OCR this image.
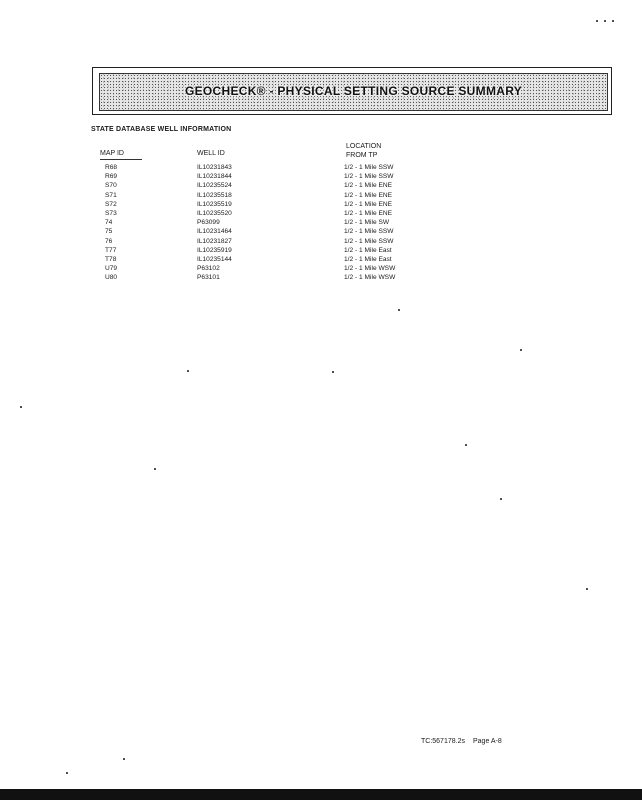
GEOCHECK® - PHYSICAL SETTING SOURCE SUMMARY
STATE DATABASE WELL INFORMATION
MAP ID	WELL ID
LOCATION
FROM TP
R68	IL10231843	1/2 - 1 Mile SSW
R69	IL10231844	1/2 - 1 Mile SSW
S70	IL10235524	1/2 - 1 Mile ENE
S71	IL10235518	1/2 - 1 Mile ENE
S72	IL10235519	1/2 - 1 Mile ENE
S73	IL10235520	1/2 - 1 Mile ENE
74	P63099	1/2 - 1 Mile SW
75	IL10231464	1/2 - 1 Mile SSW
76	IL10231827	1/2 - 1 Mile SSW
T77	IL10235919	1/2 - 1 Mile East
T78	IL10235144	1/2 - 1 Mile East
U79	P63102	1/2 - 1 Mile WSW
U80	P63101	1/2 - 1 Mile WSW
TC:567178.2s Page A-8
